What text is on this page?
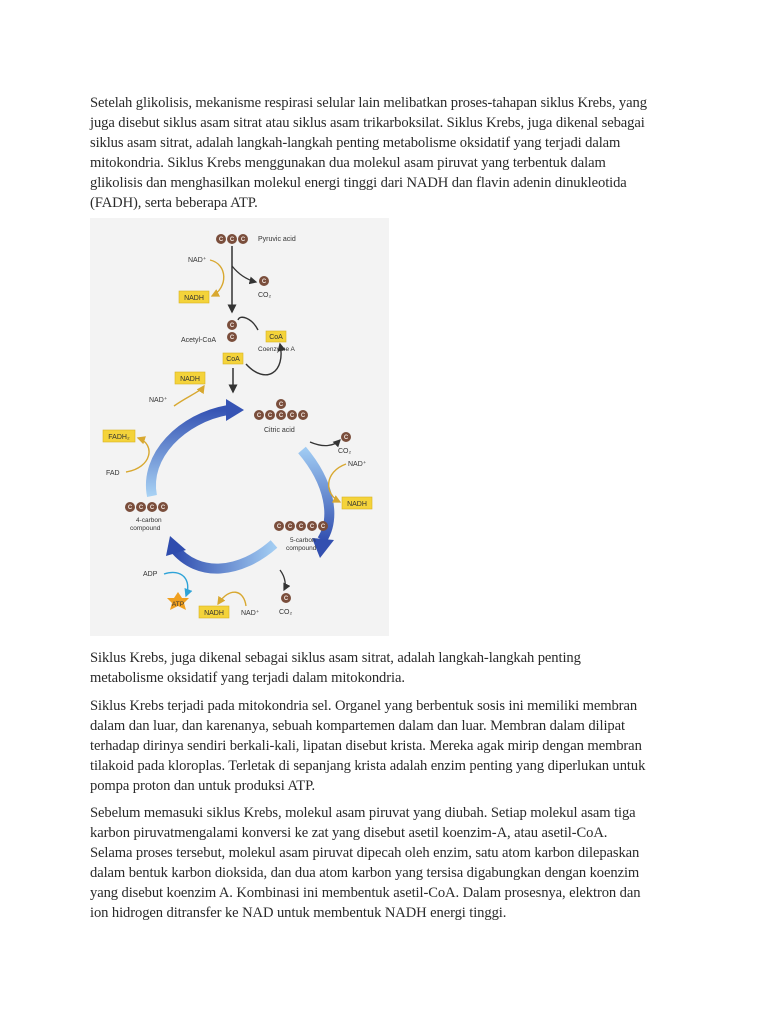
Setelah glikolisis, mekanisme respirasi selular lain melibatkan proses-tahapan siklus Krebs, yang
juga disebut siklus asam sitrat atau siklus asam trikarboksilat. Siklus Krebs, juga dikenal sebagai
siklus asam sitrat, adalah langkah-langkah penting metabolisme oksidatif yang terjadi dalam
mitokondria. Siklus Krebs menggunakan dua molekul asam piruvat yang terbentuk dalam
glikolisis dan menghasilkan molekul energi tinggi dari NADH dan flavin adenin dinukleotida
(FADH), serta beberapa ATP.
C C C Pyruvic acid
C
CO₂
NAD⁺
NADH
C
C
CoA
Acetyl-CoA	CoA
Coenzyme A
NADH
NAD⁺
FADH₂
FAD
C
C C C C C
Citric acid
C
CO₂
NAD⁺
NADH
C C C C C
5-carbon
compound
C
CO₂
NADH NAD⁺
ADP
ATP
C C C C
4-carbon
compound
Siklus Krebs, juga dikenal sebagai siklus asam sitrat, adalah langkah-langkah penting
metabolisme oksidatif yang terjadi dalam mitokondria.
Siklus Krebs terjadi pada mitokondria sel. Organel yang berbentuk sosis ini memiliki membran
dalam dan luar, dan karenanya, sebuah kompartemen dalam dan luar. Membran dalam dilipat
terhadap dirinya sendiri berkali-kali, lipatan disebut krista. Mereka agak mirip dengan membran
tilakoid pada kloroplas. Terletak di sepanjang krista adalah enzim penting yang diperlukan untuk
pompa proton dan untuk produksi ATP.
Sebelum memasuki siklus Krebs, molekul asam piruvat yang diubah. Setiap molekul asam tiga
karbon piruvatmengalami konversi ke zat yang disebut asetil koenzim-A, atau asetil-CoA.
Selama proses tersebut, molekul asam piruvat dipecah oleh enzim, satu atom karbon dilepaskan
dalam bentuk karbon dioksida, dan dua atom karbon yang tersisa digabungkan dengan koenzim
yang disebut koenzim A. Kombinasi ini membentuk asetil-CoA. Dalam prosesnya, elektron dan
ion hidrogen ditransfer ke NAD untuk membentuk NADH energi tinggi.
